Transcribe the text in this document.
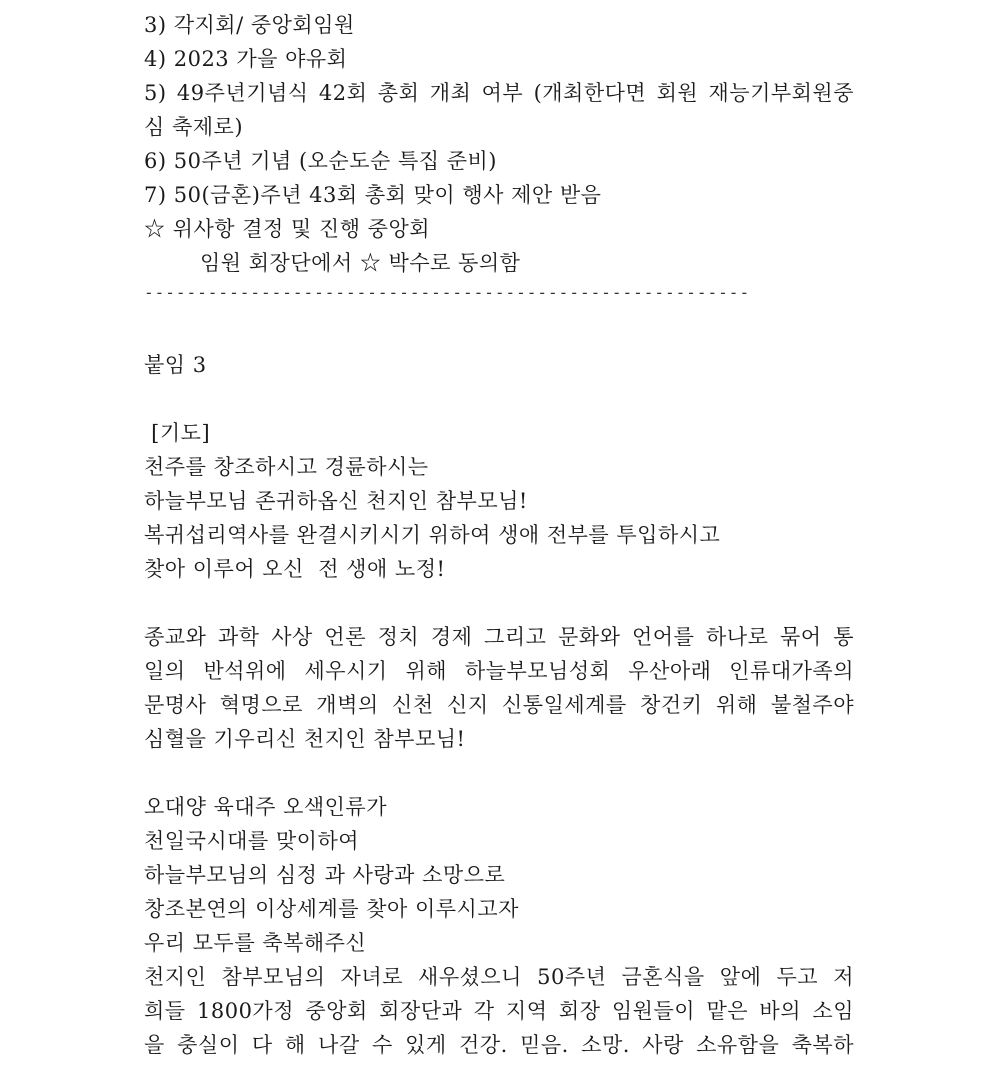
3) 각지회/ 중앙회임원
4) 2023 가을 야유회
5) 49주년기념식 42회 총회 개최 여부 (개최한다면 회원 재능기부회원중
심 축제로)
6) 50주년 기념 (오순도순 특집 준비)
7) 50(금혼)주년 43회 총회 맞이 행사 제안 받음
☆ 위사항 결정 및 진행 중앙회
임원 회장단에서 ☆ 박수로 동의함
---------------------------------------------------------
붙임 3
[기도]
천주를 창조하시고 경륜하시는
하늘부모님 존귀하옵신 천지인 참부모님!
복귀섭리역사를 완결시키시기 위하여 생애 전부를 투입하시고
찾아 이루어 오신  전 생애 노정!
종교와 과학 사상 언론 정치 경제 그리고 문화와 언어를 하나로 묶어 통
일의 반석위에 세우시기 위해 하늘부모님성회 우산아래 인류대가족의
문명사 혁명으로 개벽의 신천 신지 신통일세계를 창건키 위해 불철주야
심혈을 기우리신 천지인 참부모님!
오대양 육대주 오색인류가
천일국시대를 맞이하여
하늘부모님의 심정 과 사랑과 소망으로
창조본연의 이상세계를 찾아 이루시고자
우리 모두를 축복해주신
천지인 참부모님의 자녀로 새우셨으니 50주년 금혼식을 앞에 두고 저
희들 1800가정 중앙회 회장단과 각 지역 회장 임원들이 맡은 바의 소임
을 충실이 다 해 나갈 수 있게 건강. 믿음. 소망. 사랑 소유함을 축복하
